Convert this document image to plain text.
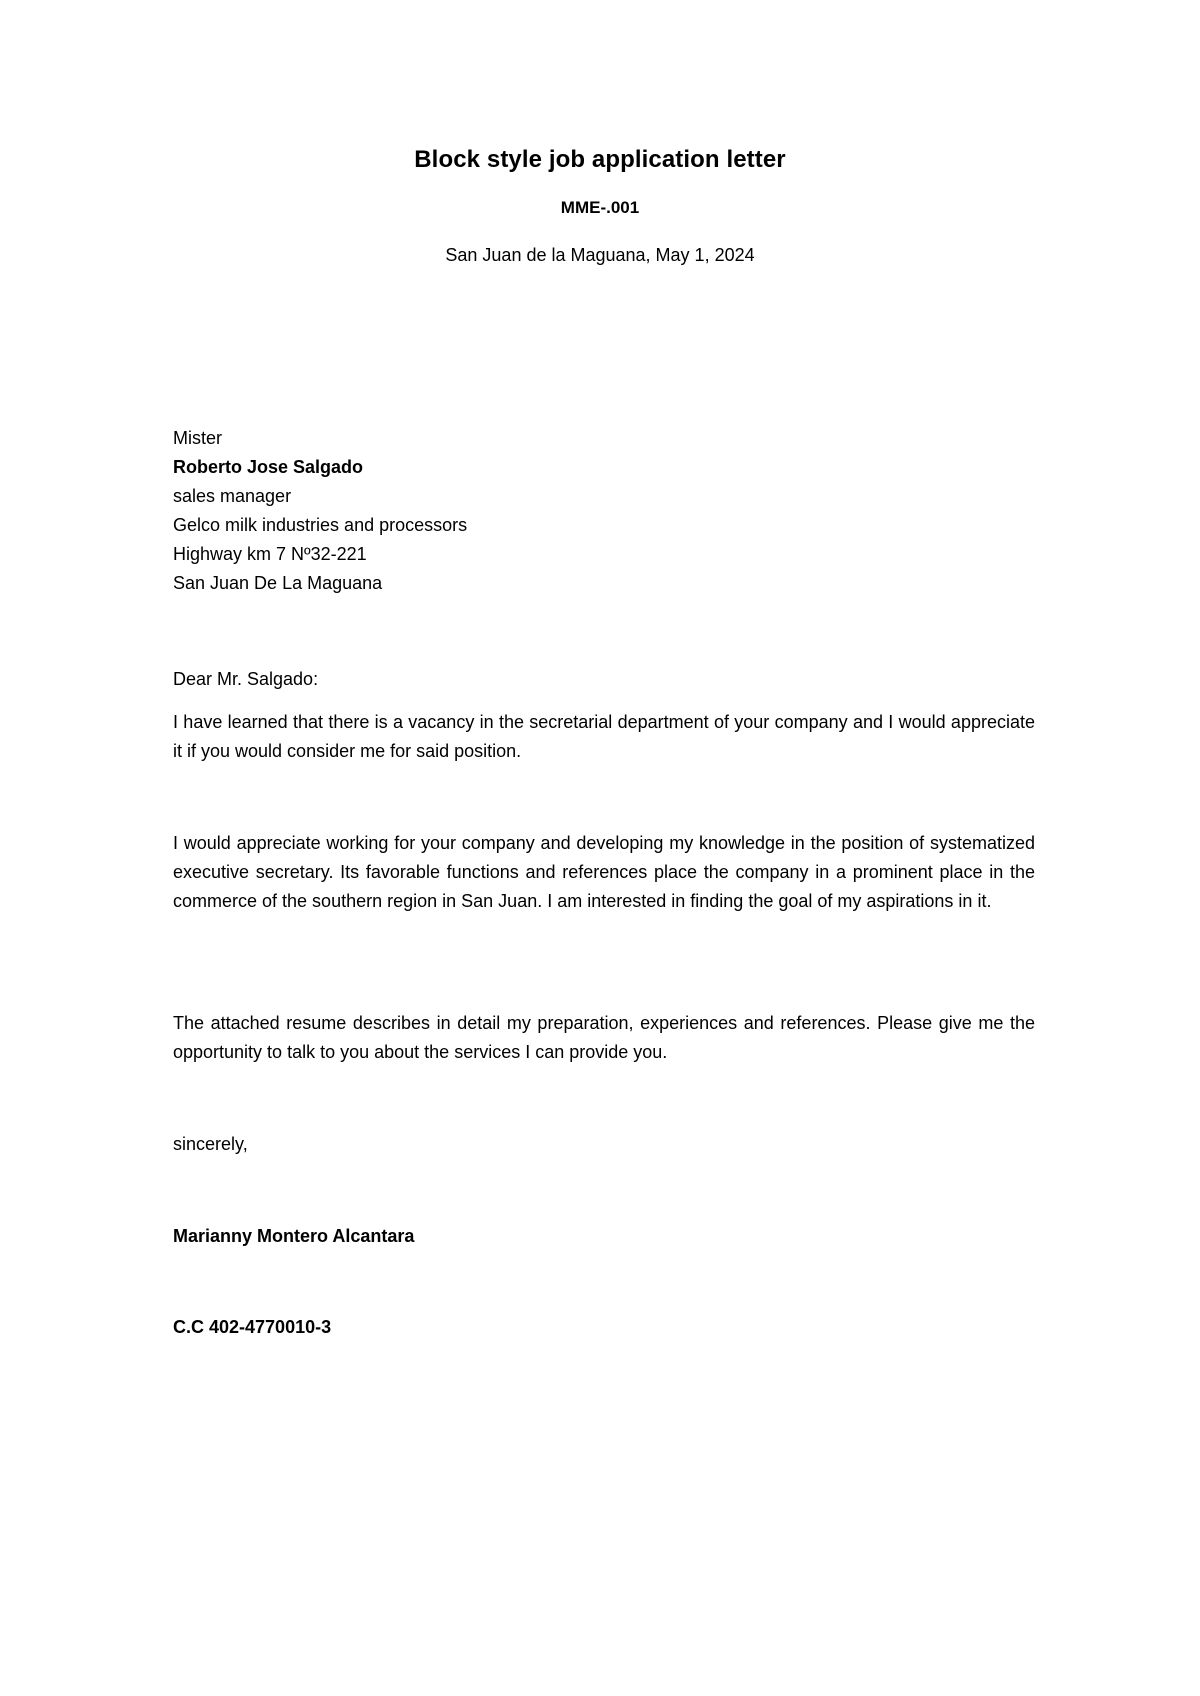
Block style job application letter
MME-.001
San Juan de la Maguana, May 1, 2024
Mister
Roberto Jose Salgado
sales manager
Gelco milk industries and processors
Highway km 7 Nº32-221
San Juan De La Maguana
Dear Mr. Salgado:
I have learned that there is a vacancy in the secretarial department of your company and I would appreciate it if you would consider me for said position.
I would appreciate working for your company and developing my knowledge in the position of systematized executive secretary. Its favorable functions and references place the company in a prominent place in the commerce of the southern region in San Juan. I am interested in finding the goal of my aspirations in it.
The attached resume describes in detail my preparation, experiences and references. Please give me the opportunity to talk to you about the services I can provide you.
sincerely,
Marianny Montero Alcantara
C.C 402-4770010-3
